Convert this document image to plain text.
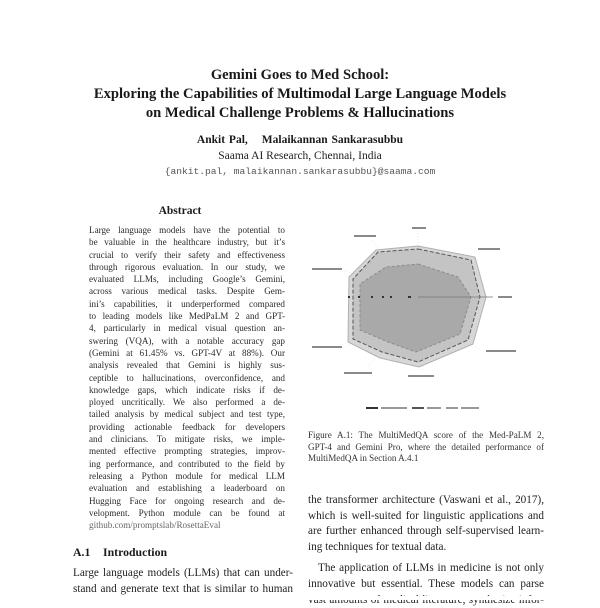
Gemini Goes to Med School:
Exploring the Capabilities of Multimodal Large Language Models
on Medical Challenge Problems & Hallucinations
Ankit Pal, Malaikannan Sankarasubbu
Saama AI Research, Chennai, India
{ankit.pal, malaikannan.sankarasubbu}@saama.com
Abstract
Large language models have the potential to
be valuable in the healthcare industry, but it’s
crucial to verify their safety and effectiveness
through rigorous evaluation. In our study, we
evaluated LLMs, including Google’s Gemini,
across various medical tasks. Despite Gem-
ini’s capabilities, it underperformed compared
to leading models like MedPaLM 2 and GPT-
4, particularly in medical visual question an-
swering (VQA), with a notable accuracy gap
(Gemini at 61.45% vs. GPT-4V at 88%). Our
analysis revealed that Gemini is highly sus-
ceptible to hallucinations, overconfidence, and
knowledge gaps, which indicate risks if de-
ployed uncritically. We also performed a de-
tailed analysis by medical subject and test type,
providing actionable feedback for developers
and clinicians. To mitigate risks, we imple-
mented effective prompting strategies, improv-
ing performance, and contributed to the field by
releasing a Python module for medical LLM
evaluation and establishing a leaderboard on
Hugging Face for ongoing research and de-
velopment. Python module can be found at
github.com/promptslab/RosettaEval
A.1 Introduction
Large language models (LLMs) that can under-
stand and generate text that is similar to human
Figure A.1: The MultiMedQA score of the Med-PaLM 2,
GPT-4 and Gemini Pro, where the detailed performance of
MultiMedQA in Section A.4.1
the transformer architecture (Vaswani et al., 2017),
which is well-suited for linguistic applications and
are further enhanced through self-supervised learn-
ing techniques for textual data.
The application of LLMs in medicine is not only
innovative but essential. These models can parse
